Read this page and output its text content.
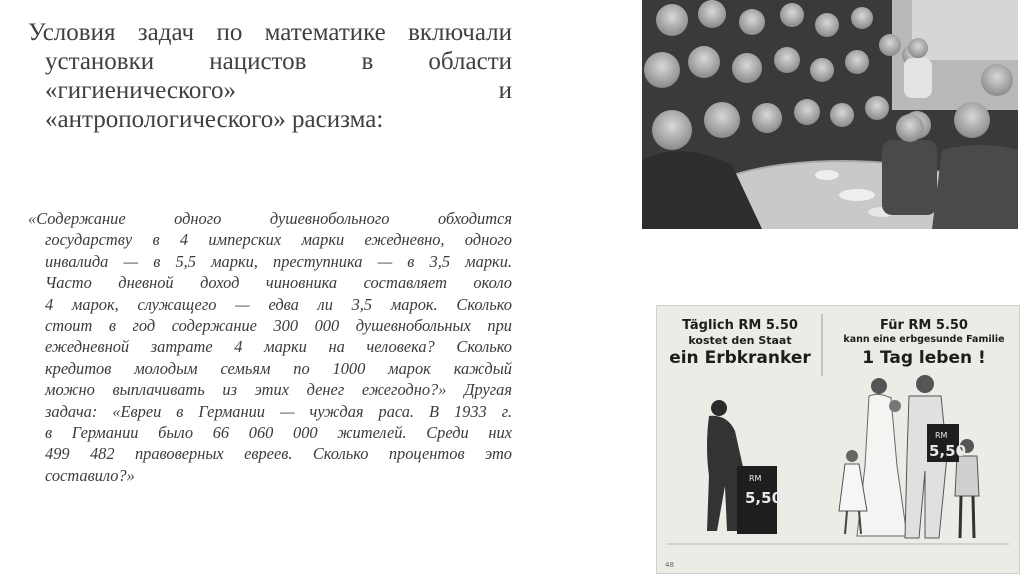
Условия задач по математике включали
установки нацистов в области
«гигиенического» и
«антропологического» расизма:
«Содержание одного душевнобольного обходится
государству в 4 имперских марки ежедневно, одного
инвалида — в 5,5 марки, преступника — в 3,5 марки.
Часто дневной доход чиновника составляет около
4 марок, служащего — едва ли 3,5 марок. Сколько
стоит в год содержание 300 000 душевнобольных при
ежедневной затрате 4 марки на человека? Сколько
кредитов молодым семьям по 1000 марок каждый
можно выплачивать из этих денег ежегодно?» Другая
задача: «Евреи в Германии — чуждая раса. В 1933 г.
в Германии было 66 060 000 жителей. Среди них
499 482 правоверных евреев. Сколько процентов это
составило?»
Täglich RM 5.50
kostet den Staat
ein Erbkranker
Für RM 5.50
kann eine erbgesunde Familie
1 Tag leben !
RM
5,50
RM
5,50
48
